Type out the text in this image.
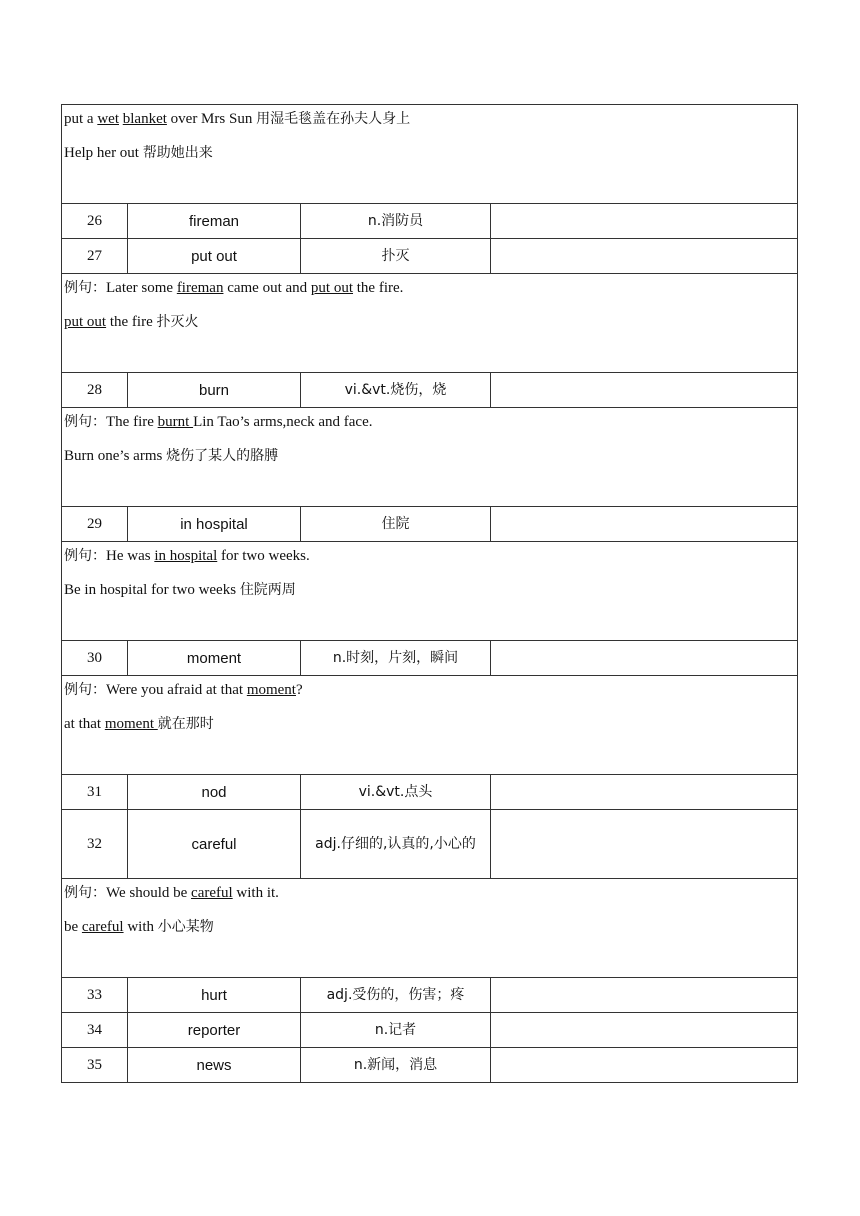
put a wet blanket over Mrs Sun 用湿毛毯盖在孙夫人身上
Help her out 帮助她出来			

26	fireman	n.消防员	
27	put out	扑灭	

例句：Later some fireman came out and put out the fire.
put out the fire 扑灭火			

28	burn	vi.&vt.烧伤，烧	

例句：The fire burnt Lin Tao’s arms,neck and face.
Burn one’s arms 烧伤了某人的胳膊			

29	in hospital	住院	

例句：He was in hospital for two weeks.
Be in hospital for two weeks 住院两周			

30	moment	n.时刻，片刻，瞬间	

例句：Were you afraid at that moment?
at that moment 就在那时			

31	nod	vi.&vt.点头	
32	careful	adj.仔细的,认真的,小心的	

例句：We should be careful with it.
be careful with 小心某物			

33	hurt	adj.受伤的，伤害；疼	
34	reporter	n.记者	
35	news	n.新闻，消息	
